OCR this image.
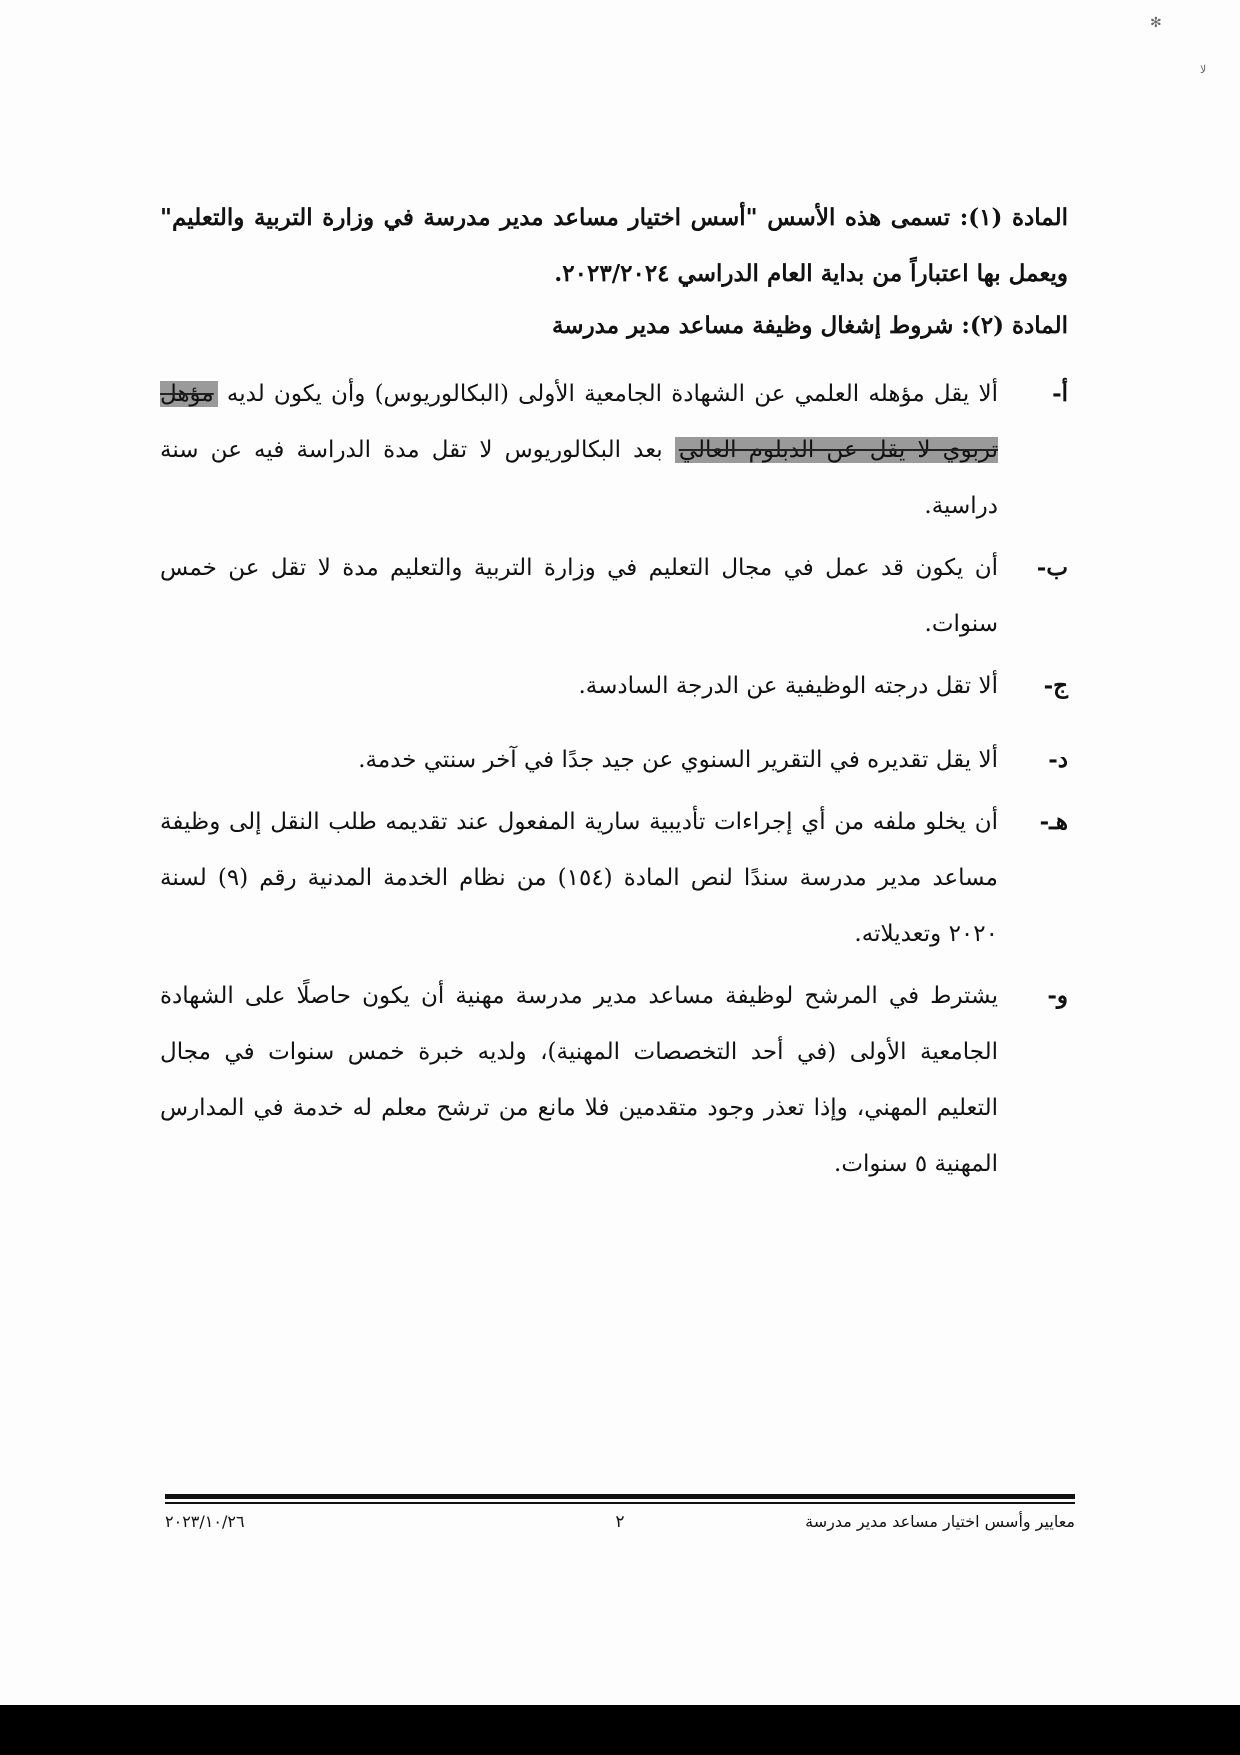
✻
ﻻ

المادة (١): تسمى هذه الأسس "أسس اختيار مساعد مدير مدرسة في وزارة التربية والتعليم" ويعمل بها اعتباراً من بداية العام الدراسي ٢٠٢٣/٢٠٢٤.

المادة (٢): شروط إشغال وظيفة مساعد مدير مدرسة

أ-
ألا يقل مؤهله العلمي عن الشهادة الجامعية الأولى (البكالوريوس) وأن يكون لديه مؤهل تربوي لا يقل عن الدبلوم العالي بعد البكالوريوس لا تقل مدة الدراسة فيه عن سنة دراسية.
ب-
أن يكون قد عمل في مجال التعليم في وزارة التربية والتعليم مدة لا تقل عن خمس سنوات.
ج-
ألا تقل درجته الوظيفية عن الدرجة السادسة.
د-
ألا يقل تقديره في التقرير السنوي عن جيد جدًا في آخر سنتي خدمة.
هـ-
أن يخلو ملفه من أي إجراءات تأديبية سارية المفعول عند تقديمه طلب النقل إلى وظيفة مساعد مدير مدرسة سندًا لنص المادة (١٥٤) من نظام الخدمة المدنية رقم (٩) لسنة ٢٠٢٠ وتعديلاته.
و-
يشترط في المرشح لوظيفة مساعد مدير مدرسة مهنية أن يكون حاصلًا على الشهادة الجامعية الأولى (في أحد التخصصات المهنية)، ولديه خبرة خمس سنوات في مجال التعليم المهني، وإذا تعذر وجود متقدمين فلا مانع من ترشح معلم له خدمة في المدارس المهنية ٥ سنوات.
معايير وأسس اختيار مساعد مدير مدرسة
٢
٢٠٢٣/١٠/٢٦
